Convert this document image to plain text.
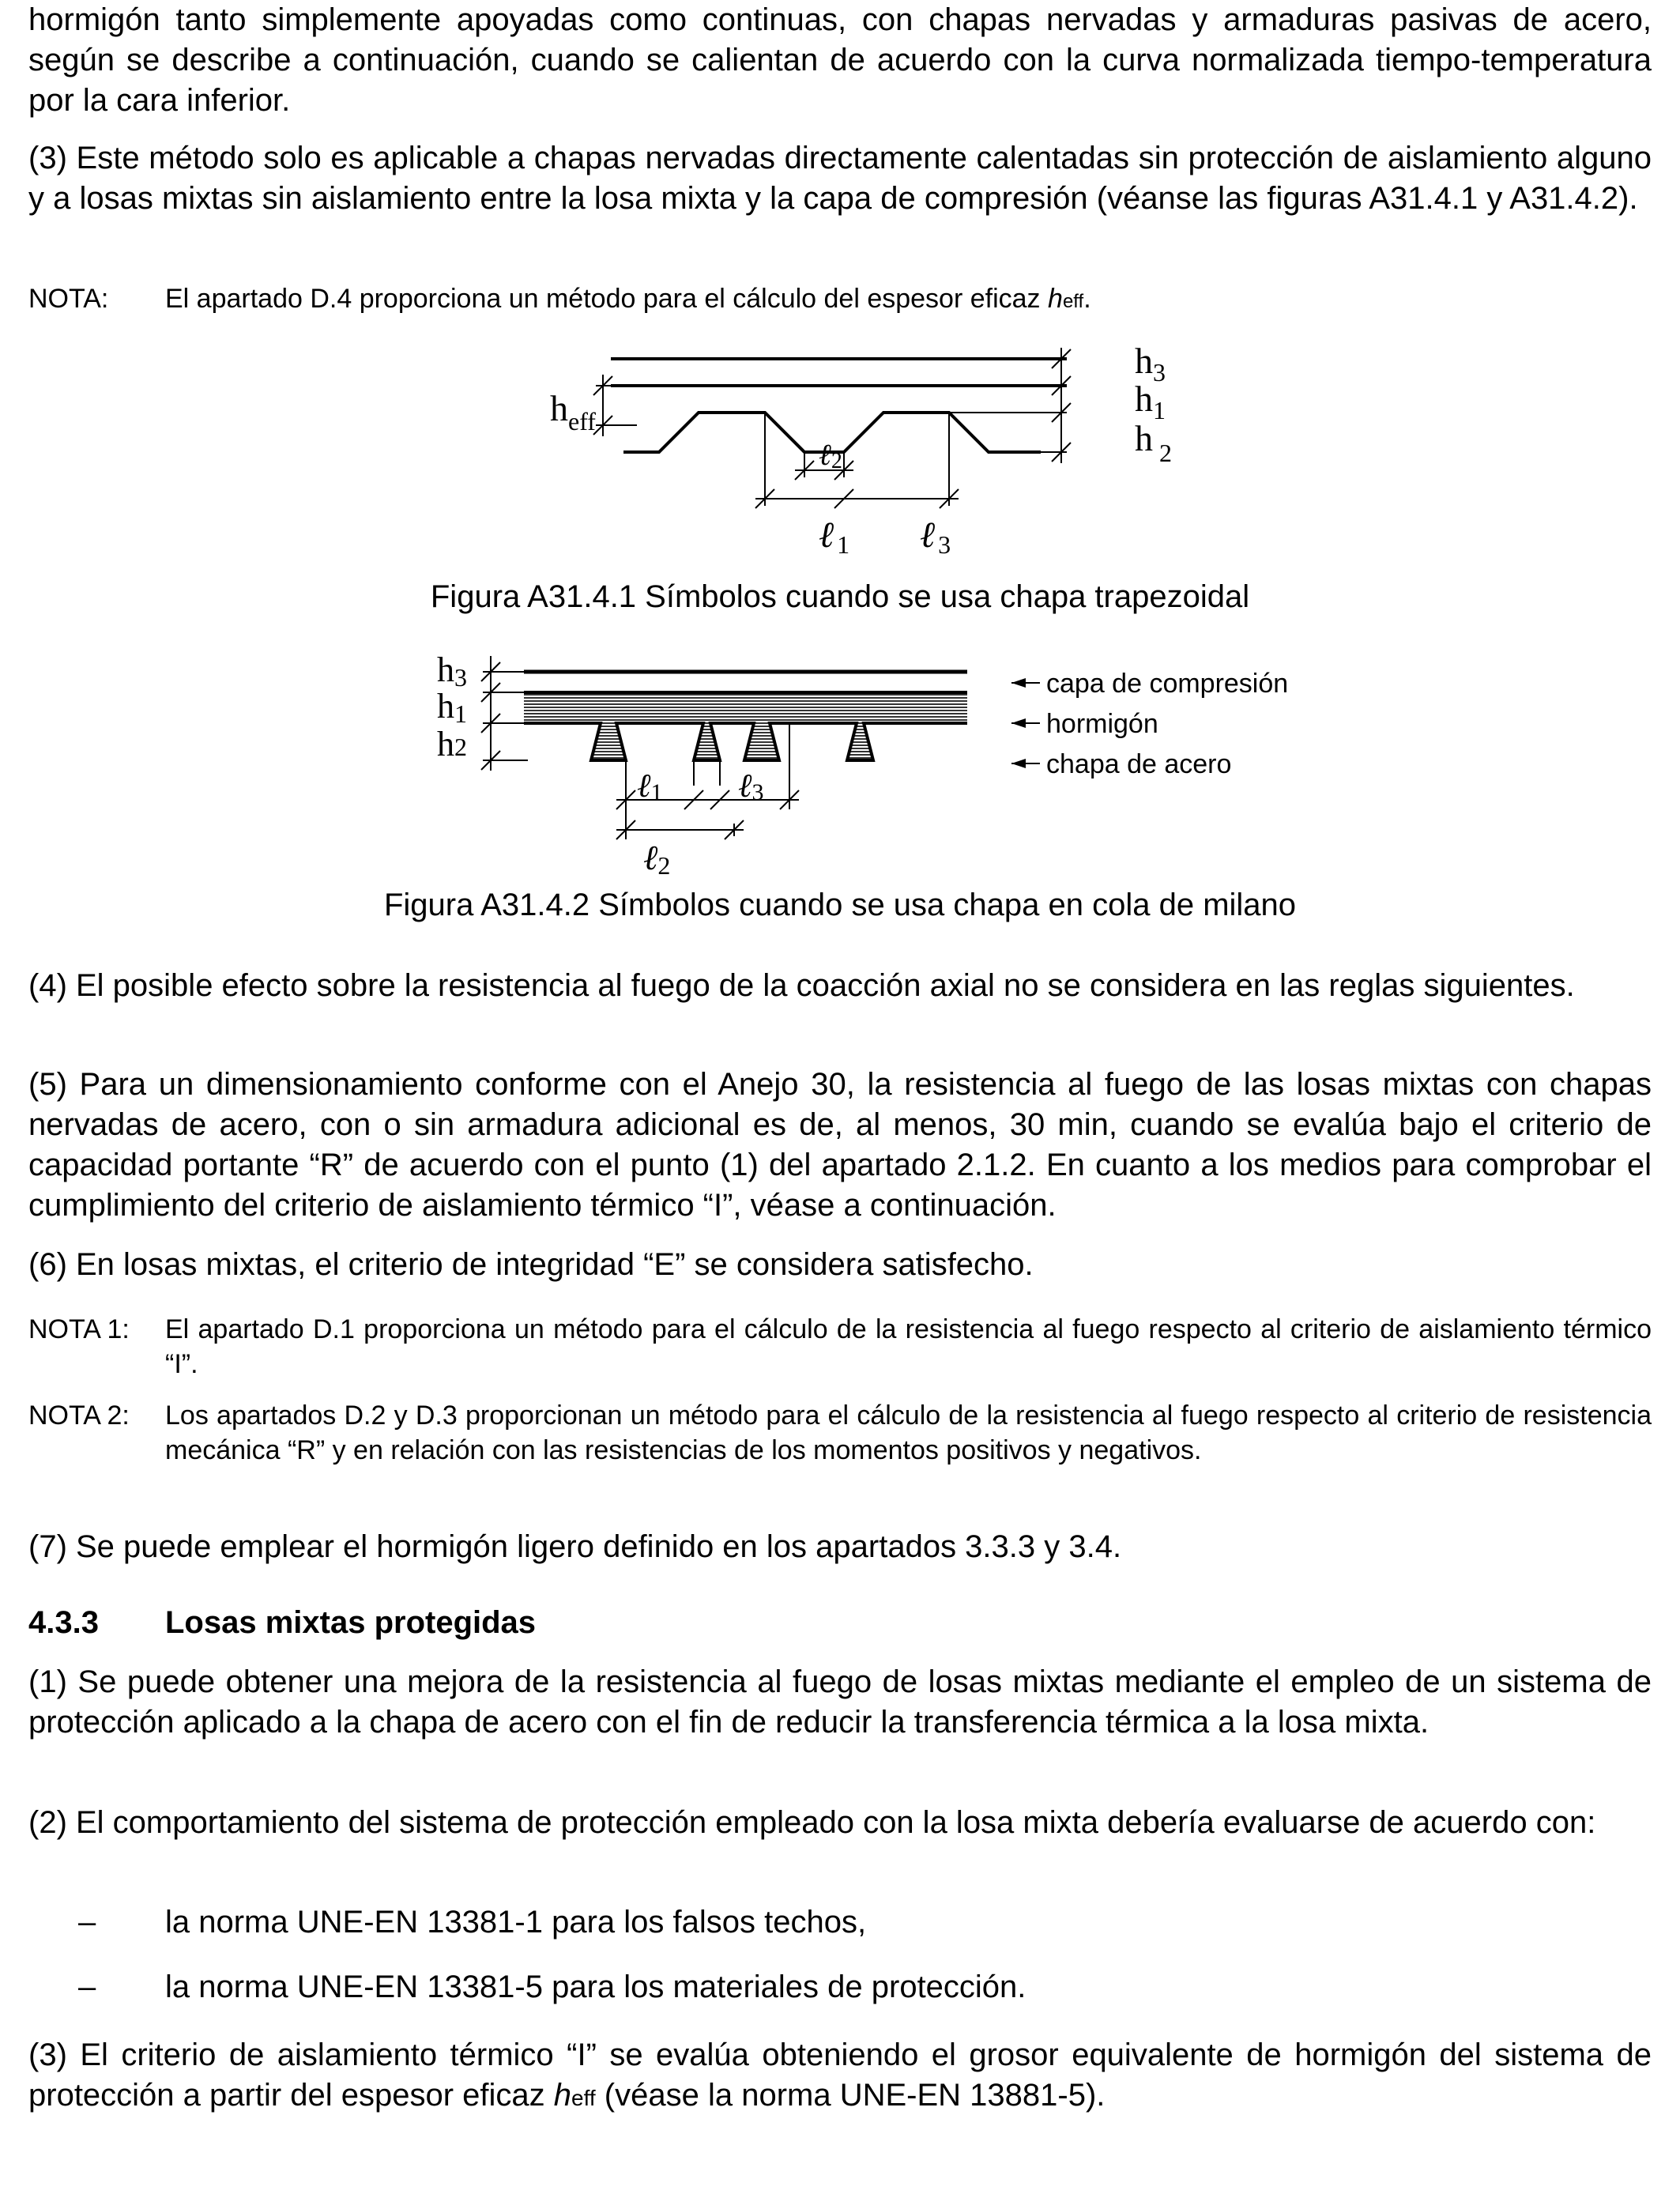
hormigón tanto simplemente apoyadas como continuas, con chapas nervadas y armaduras pasivas de acero, según se describe a continuación, cuando se calientan de acuerdo con la curva normalizada tiempo-temperatura por la cara inferior.

(3) Este método solo es aplicable a chapas nervadas directamente calentadas sin protección de aislamiento alguno y a losas mixtas sin aislamiento entre la losa mixta y la capa de compresión (véanse las figuras A31.4.1 y A31.4.2).

NOTA:	El apartado D.4 proporciona un método para el cálculo del espesor eficaz heff.
$h_{eff}$
$h_3$
$h_1$
h $_2$
ℓ2
ℓ 1 ℓ 3

Figura A31.4.1 Símbolos cuando se usa chapa trapezoidal

h3
h1
h2
ℓ1 ℓ3
ℓ2
capa de compresión
hormigón
chapa de acero

Figura A31.4.2 Símbolos cuando se usa chapa en cola de milano

(4) El posible efecto sobre la resistencia al fuego de la coacción axial no se considera en las reglas siguientes.

(5) Para un dimensionamiento conforme con el Anejo 30, la resistencia al fuego de las losas mixtas con chapas nervadas de acero, con o sin armadura adicional es de, al menos, 30 min, cuando se evalúa bajo el criterio de capacidad portante “R” de acuerdo con el punto (1) del apartado 2.1.2. En cuanto a los medios para comprobar el cumplimiento del criterio de aislamiento térmico “I”, véase a continuación.

(6) En losas mixtas, el criterio de integridad “E” se considera satisfecho.

NOTA 1:	El apartado D.1 proporciona un método para el cálculo de la resistencia al fuego respecto al criterio de aislamiento térmico “I”.
NOTA 2:	Los apartados D.2 y D.3 proporcionan un método para el cálculo de la resistencia al fuego respecto al criterio de resistencia mecánica “R” y en relación con las resistencias de los momentos positivos y negativos.

(7) Se puede emplear el hormigón ligero definido en los apartados 3.3.3 y 3.4.

4.3.3	Losas mixtas protegidas

(1) Se puede obtener una mejora de la resistencia al fuego de losas mixtas mediante el empleo de un sistema de protección aplicado a la chapa de acero con el fin de reducir la transferencia térmica a la losa mixta.

(2) El comportamiento del sistema de protección empleado con la losa mixta debería evaluarse de acuerdo con:

–	la norma UNE-EN 13381-1 para los falsos techos,
–	la norma UNE-EN 13381-5 para los materiales de protección.

(3) El criterio de aislamiento térmico “I” se evalúa obteniendo el grosor equivalente de hormigón del sistema de protección a partir del espesor eficaz heff (véase la norma UNE-EN 13881-5).
